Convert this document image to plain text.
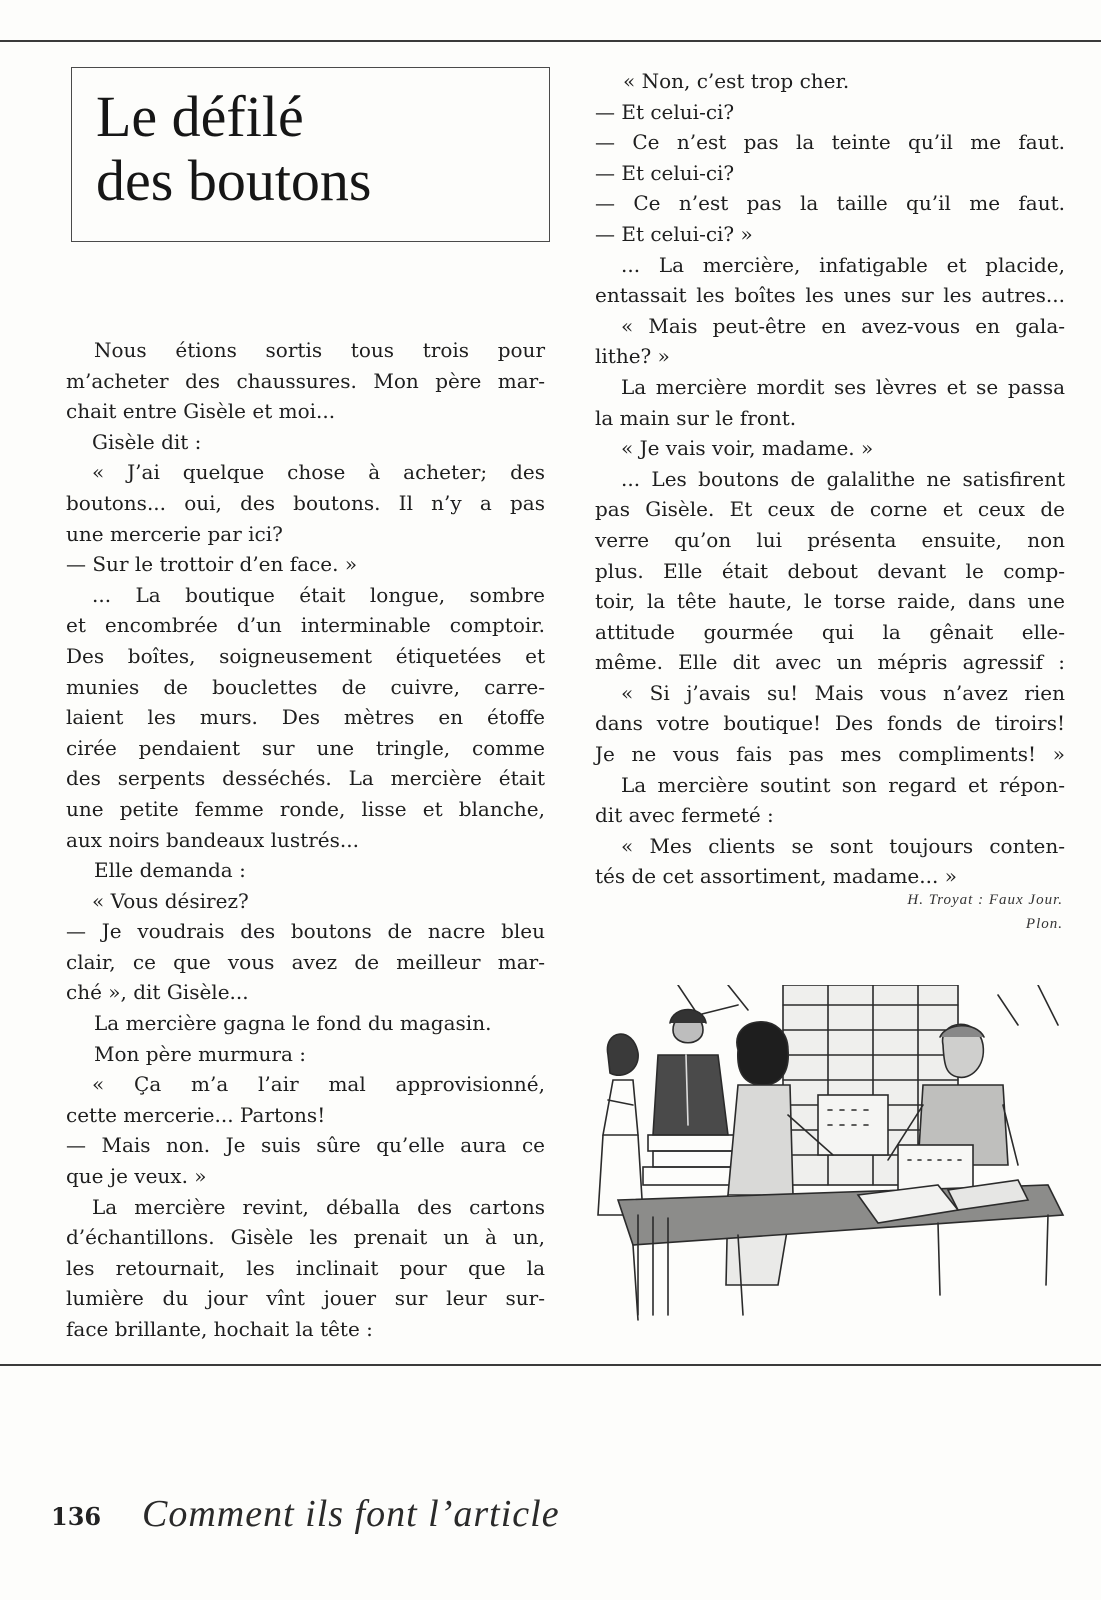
Le défilé
des boutons

Nous étions sortis tous trois pour

m’acheter des chaussures. Mon père mar-

chait entre Gisèle et moi...

Gisèle dit :

« J’ai quelque chose à acheter; des

boutons... oui, des boutons. Il n’y a pas

une mercerie par ici?

— Sur le trottoir d’en face. »

... La boutique était longue, sombre

et encombrée d’un interminable comptoir.

Des boîtes, soigneusement étiquetées et

munies de bouclettes de cuivre, carre-

laient les murs. Des mètres en étoffe

cirée pendaient sur une tringle, comme

des serpents desséchés. La mercière était

une petite femme ronde, lisse et blanche,

aux noirs bandeaux lustrés...

Elle demanda :

« Vous désirez?

— Je voudrais des boutons de nacre bleu

clair, ce que vous avez de meilleur mar-

ché », dit Gisèle...

La mercière gagna le fond du magasin.

Mon père murmura :

« Ça m’a l’air mal approvisionné,

cette mercerie... Partons!

— Mais non. Je suis sûre qu’elle aura ce

que je veux. »

La mercière revint, déballa des cartons

d’échantillons. Gisèle les prenait un à un,

les retournait, les inclinait pour que la

lumière du jour vînt jouer sur leur sur-

face brillante, hochait la tête :

« Non, c’est trop cher.

— Et celui-ci?

— Ce n’est pas la teinte qu’il me faut.

— Et celui-ci?

— Ce n’est pas la taille qu’il me faut.

— Et celui-ci? »

... La mercière, infatigable et placide,

entassait les boîtes les unes sur les autres...

« Mais peut-être en avez-vous en gala-

lithe? »

La mercière mordit ses lèvres et se passa

la main sur le front.

« Je vais voir, madame. »

... Les boutons de galalithe ne satisfirent

pas Gisèle. Et ceux de corne et ceux de

verre qu’on lui présenta ensuite, non

plus. Elle était debout devant le comp-

toir, la tête haute, le torse raide, dans une

attitude gourmée qui la gênait elle-

même. Elle dit avec un mépris agressif :

« Si j’avais su! Mais vous n’avez rien

dans votre boutique! Des fonds de tiroirs!

Je ne vous fais pas mes compliments! »

La mercière soutint son regard et répon-

dit avec fermeté :

« Mes clients se sont toujours conten-

tés de cet assortiment, madame... »

H. Troyat : Faux Jour.
Plon.
136 Comment ils font l’article
